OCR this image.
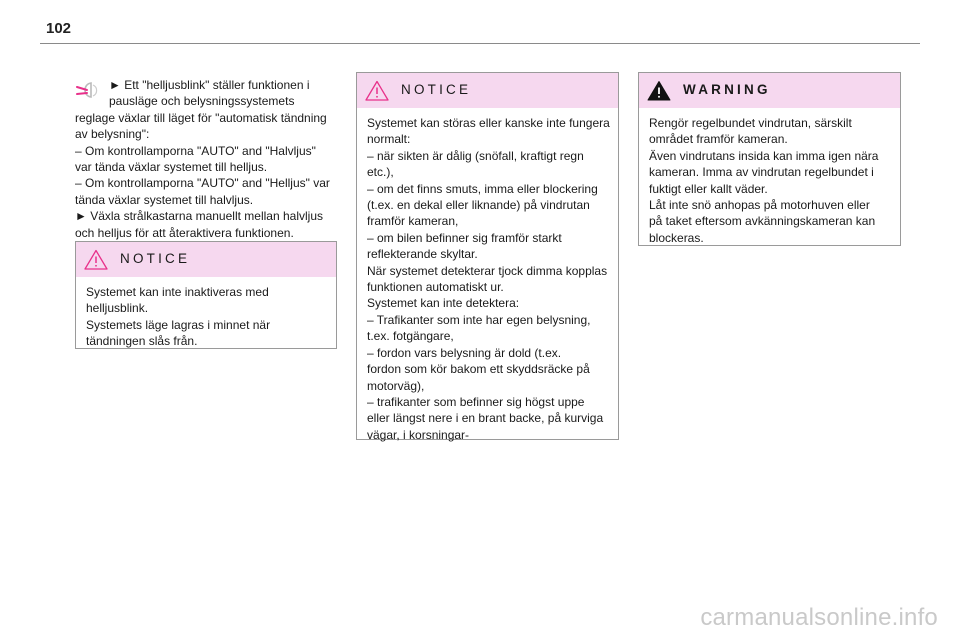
102
► Ett "helljusblink" ställer funktionen i
pausläge och belysningssystemets
reglage växlar till läget för "automatisk tändning
av belysning":
– Om kontrollamporna "AUTO" and "Halvljus"
var tända växlar systemet till helljus.
– Om kontrollamporna "AUTO" and "Helljus" var
tända växlar systemet till halvljus.
► Växla strålkastarna manuellt mellan halvljus
och helljus för att återaktivera funktionen.
NOTICE
Systemet kan inte inaktiveras med
helljusblink.
Systemets läge lagras i minnet när
tändningen slås från.
NOTICE
Systemet kan störas eller kanske inte fungera
normalt:
– när sikten är dålig (snöfall, kraftigt regn
etc.),
– om det finns smuts, imma eller blockering
(t.ex. en dekal eller liknande) på vindrutan
framför kameran,
– om bilen befinner sig framför starkt
reflekterande skyltar.
När systemet detekterar tjock dimma kopplas
funktionen automatiskt ur.
Systemet kan inte detektera:
– Trafikanter som inte har egen belysning,
t.ex. fotgängare,
– fordon vars belysning är dold (t.ex.
fordon som kör bakom ett skyddsräcke på
motorväg),
– trafikanter som befinner sig högst uppe
eller längst nere i en brant backe, på kurviga
vägar, i korsningar-
WARNING
Rengör regelbundet vindrutan, särskilt
området framför kameran.
Även vindrutans insida kan imma igen nära
kameran. Imma av vindrutan regelbundet i
fuktigt eller kallt väder.
Låt inte snö anhopas på motorhuven eller
på taket eftersom avkänningskameran kan
blockeras.
carmanualsonline.info
